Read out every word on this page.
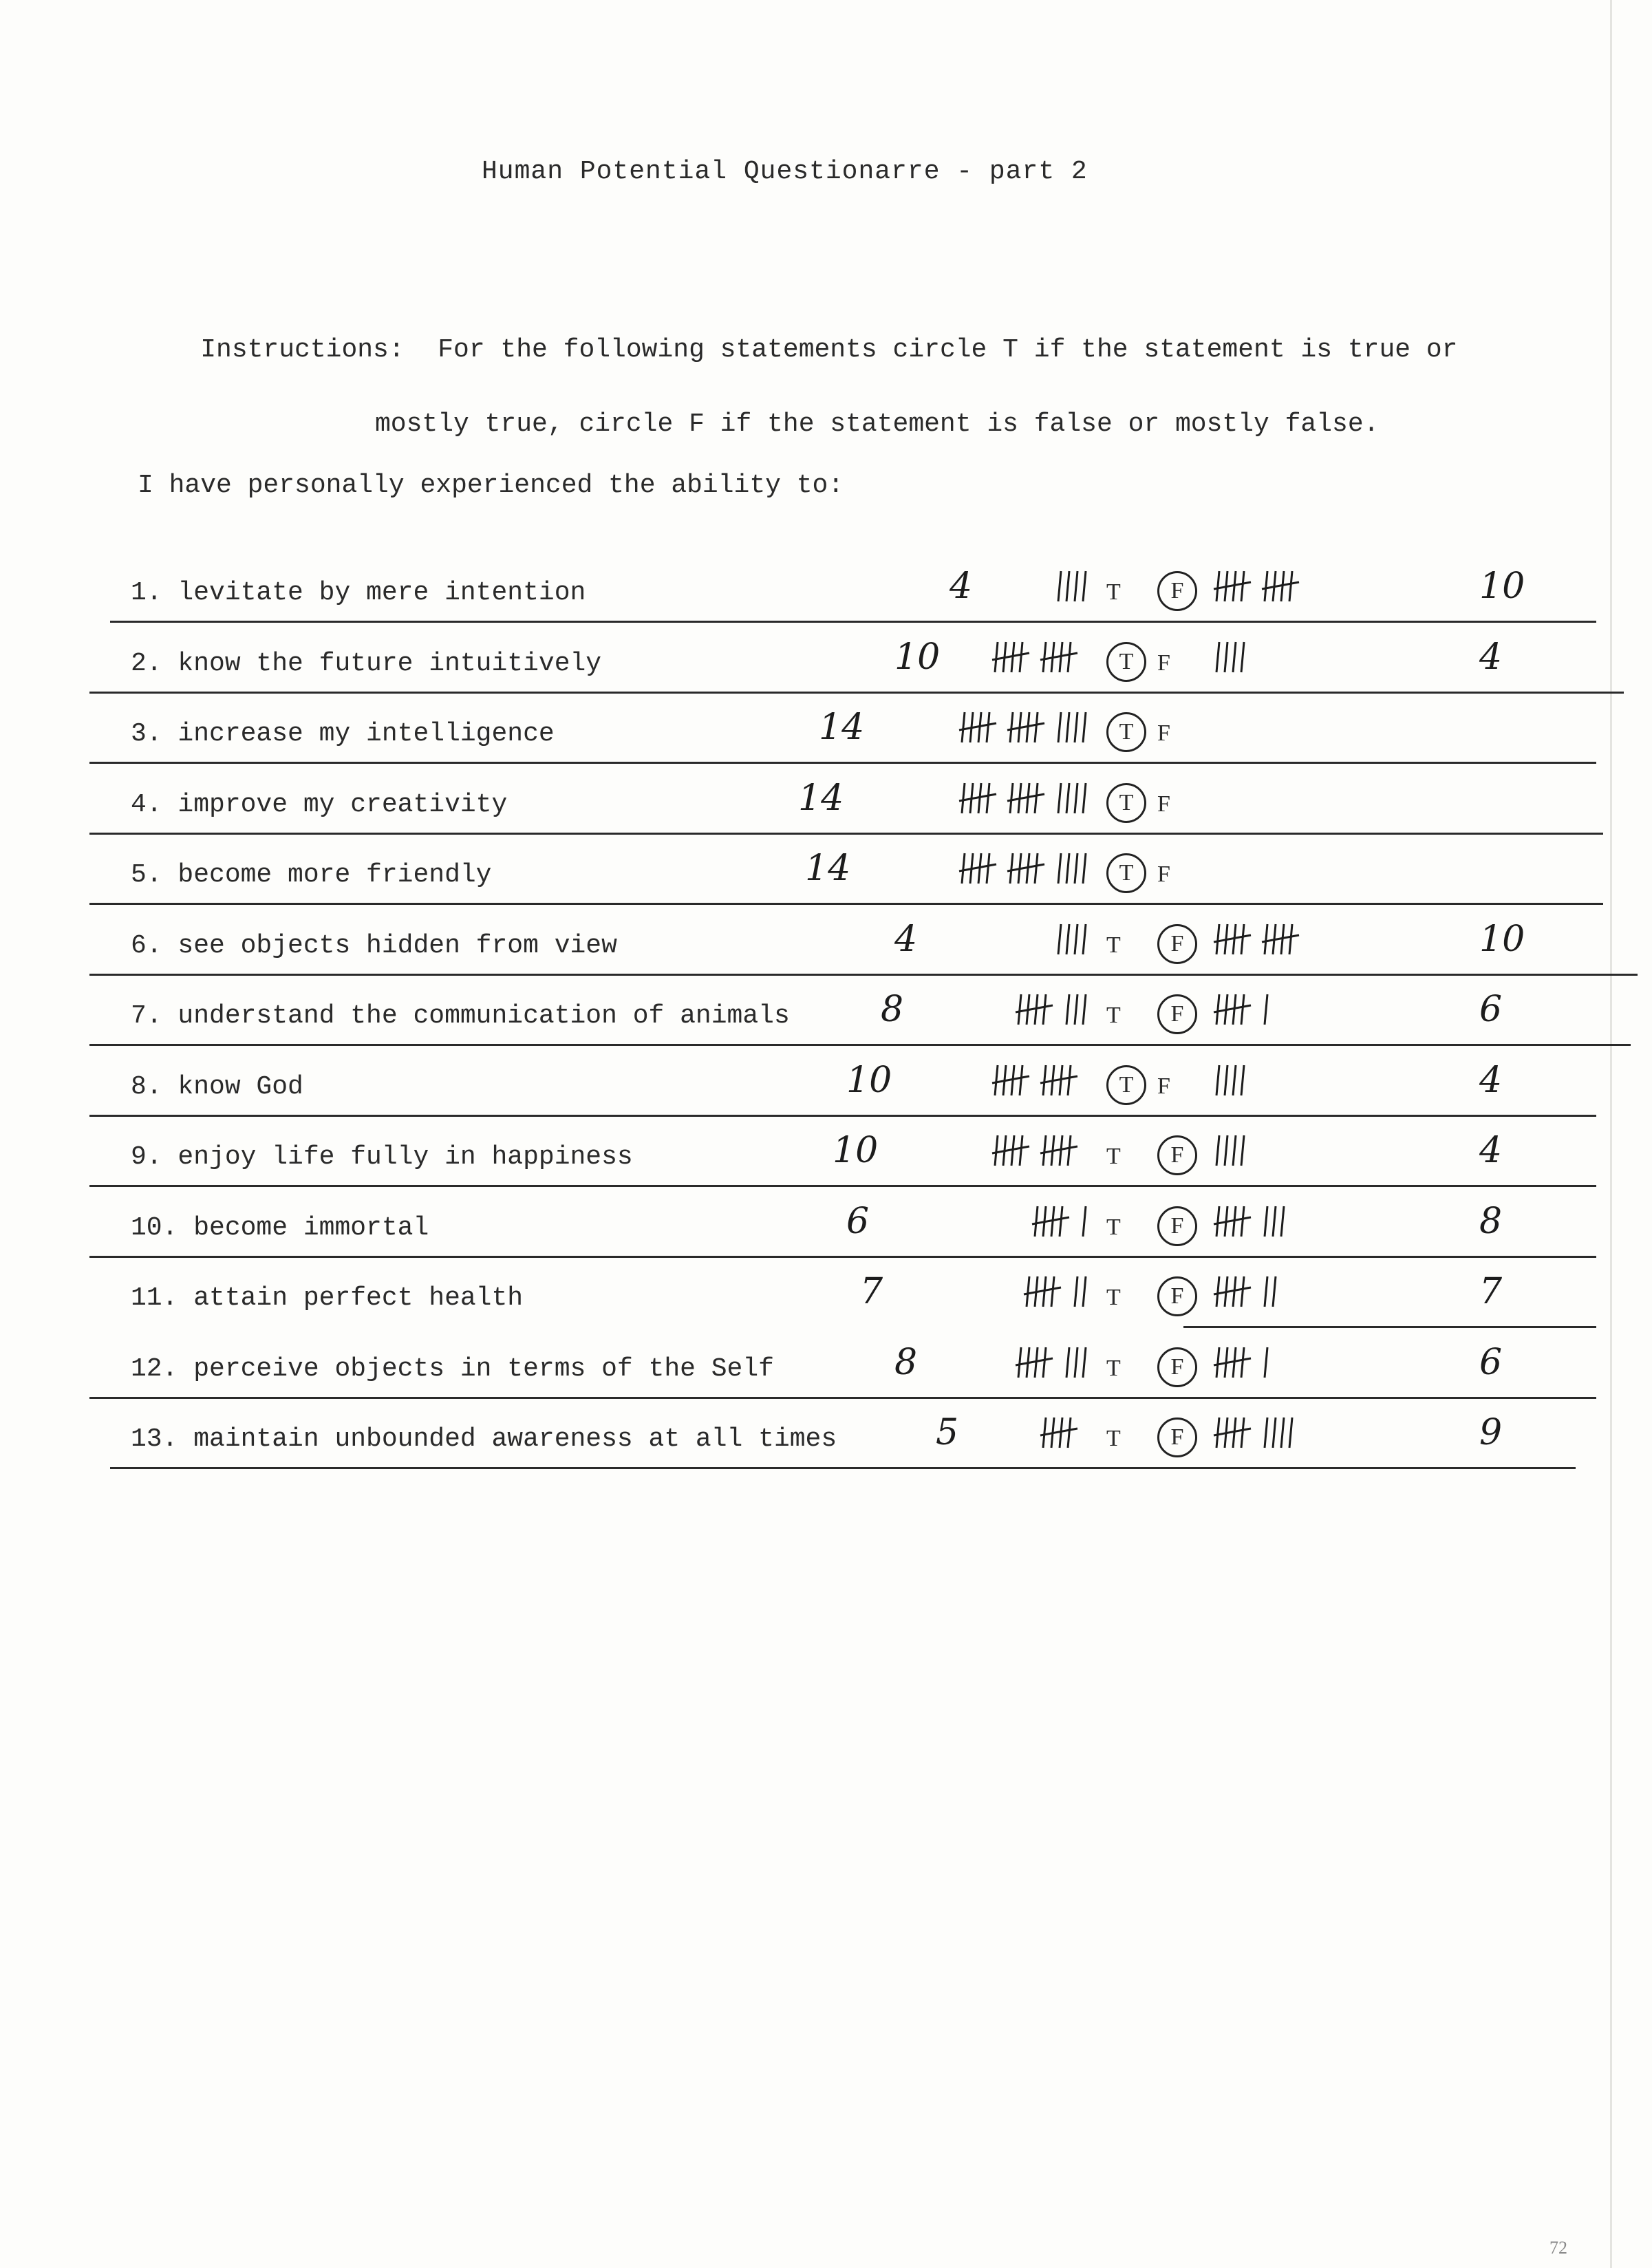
Human Potential Questionarre - part 2

Instructions: For the following statements circle T if the statement is true or

mostly true, circle F if the statement is false or mostly false.

I have personally experienced the ability to:
1. levitate by mere intention	4	T	F	10
2. know the future intuitively	10	T	F	4
3. increase my intelligence	14	T	F
4. improve my creativity	14	T	F
5. become more friendly	14	T	F
6. see objects hidden from view	4	T	F	10
7. understand the communication of animals	8	T	F	6
8. know God	10	T	F	4
9. enjoy life fully in happiness	10	T	F	4
10. become immortal	6	T	F	8
11. attain perfect health	7	T	F	7
12. perceive objects in terms of the Self	8	T	F	6
13. maintain unbounded awareness at all times	5	T	F	9
72
